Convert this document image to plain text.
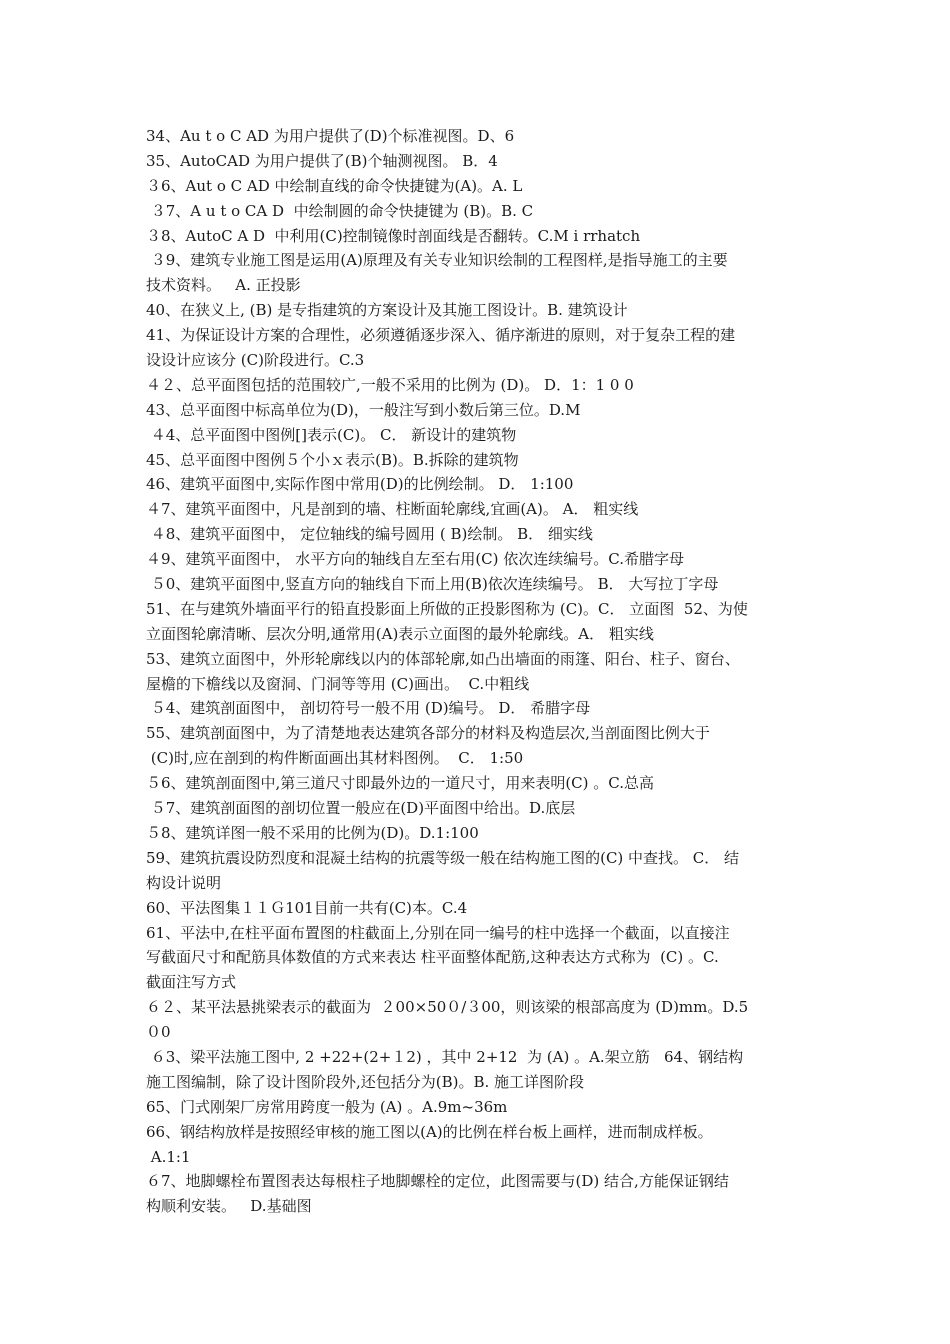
34、Au t o C AD 为用户提供了(D)个标准视图。D、6
35、AutoCAD 为用户提供了(B)个轴测视图。 B．4
３6、Aut o C AD 中绘制直线的命令快捷键为(A)。A. L
３7、A u t o CA D  中绘制圆的命令快捷键为 (B)。B. C
３8、AutoC A D  中利用(C)控制镜像时剖面线是否翻转。C.M i rrhatch
３9、建筑专业施工图是运用(A)原理及有关专业知识绘制的工程图样,是指导施工的主要
技术资料。   A. 正投影
40、在狭义上, (B) 是专指建筑的方案设计及其施工图设计。B. 建筑设计
41、为保证设计方案的合理性，必须遵循逐步深入、循序渐进的原则，对于复杂工程的建
设设计应该分 (C)阶段进行。C.3
４２、总平面图包括的范围较广,一般不采用的比例为 (D)。 D．1：1 0 0
43、总平面图中标高单位为(D)，一般注写到小数后第三位。D.M
４4、总平面图中图例[]表示(C)。 C． 新设计的建筑物
45、总平面图中图例５个小ｘ表示(B)。B.拆除的建筑物
46、建筑平面图中,实际作图中常用(D)的比例绘制。 D． 1:100
４7、建筑平面图中，凡是剖到的墙、柱断面轮廓线,宜画(A)。 A． 粗实线
４8、建筑平面图中， 定位轴线的编号圆用 ( B)绘制。 B． 细实线
４9、建筑平面图中， 水平方向的轴线自左至右用(C) 依次连续编号。C.希腊字母
５0、建筑平面图中,竖直方向的轴线自下而上用(B)依次连续编号。 B． 大写拉丁字母
51、在与建筑外墙面平行的铅直投影面上所做的正投影图称为 (C)。C． 立面图  52、为使
立面图轮廓清晰、层次分明,通常用(A)表示立面图的最外轮廓线。A． 粗实线
53、建筑立面图中，外形轮廓线以内的体部轮廓,如凸出墙面的雨篷、阳台、柱子、窗台、
屋檐的下檐线以及窗洞、门洞等等用 (C)画出。  C.中粗线
５4、建筑剖面图中， 剖切符号一般不用 (D)编号。 D． 希腊字母
55、建筑剖面图中，为了清楚地表达建筑各部分的材料及构造层次,当剖面图比例大于
(C)时,应在剖到的构件断面画出其材料图例。  C． 1:50
５6、建筑剖面图中,第三道尺寸即最外边的一道尺寸，用来表明(C) 。C.总高
５7、建筑剖面图的剖切位置一般应在(D)平面图中给出。D.底层
５8、建筑详图一般不采用的比例为(D)。D.1:100
59、建筑抗震设防烈度和混凝土结构的抗震等级一般在结构施工图的(C) 中查找。 C． 结
构设计说明
60、平法图集１１Ｇ101目前一共有(C)本。C.4
61、平法中,在柱平面布置图的柱截面上,分别在同一编号的柱中选择一个截面，以直接注
写截面尺寸和配筋具体数值的方式来表达 柱平面整体配筋,这种表达方式称为  (C) 。C.
截面注写方式
６２、某平法悬挑梁表示的截面为  ２00×50０/３00，则该梁的根部高度为 (D)mm。D.5
０0
６3、梁平法施工图中, 2 +22+(2+１2) ，其中 2+12  为 (A) 。A.架立筋   64、钢结构
施工图编制，除了设计图阶段外,还包括分为(B)。B. 施工详图阶段
65、门式刚架厂房常用跨度一般为 (A) 。A.9m~36m
66、钢结构放样是按照经审核的施工图以(A)的比例在样台板上画样，进而制成样板。
A.1:1
６7、地脚螺栓布置图表达每根柱子地脚螺栓的定位，此图需要与(D) 结合,方能保证钢结
构顺利安装。   D.基础图
